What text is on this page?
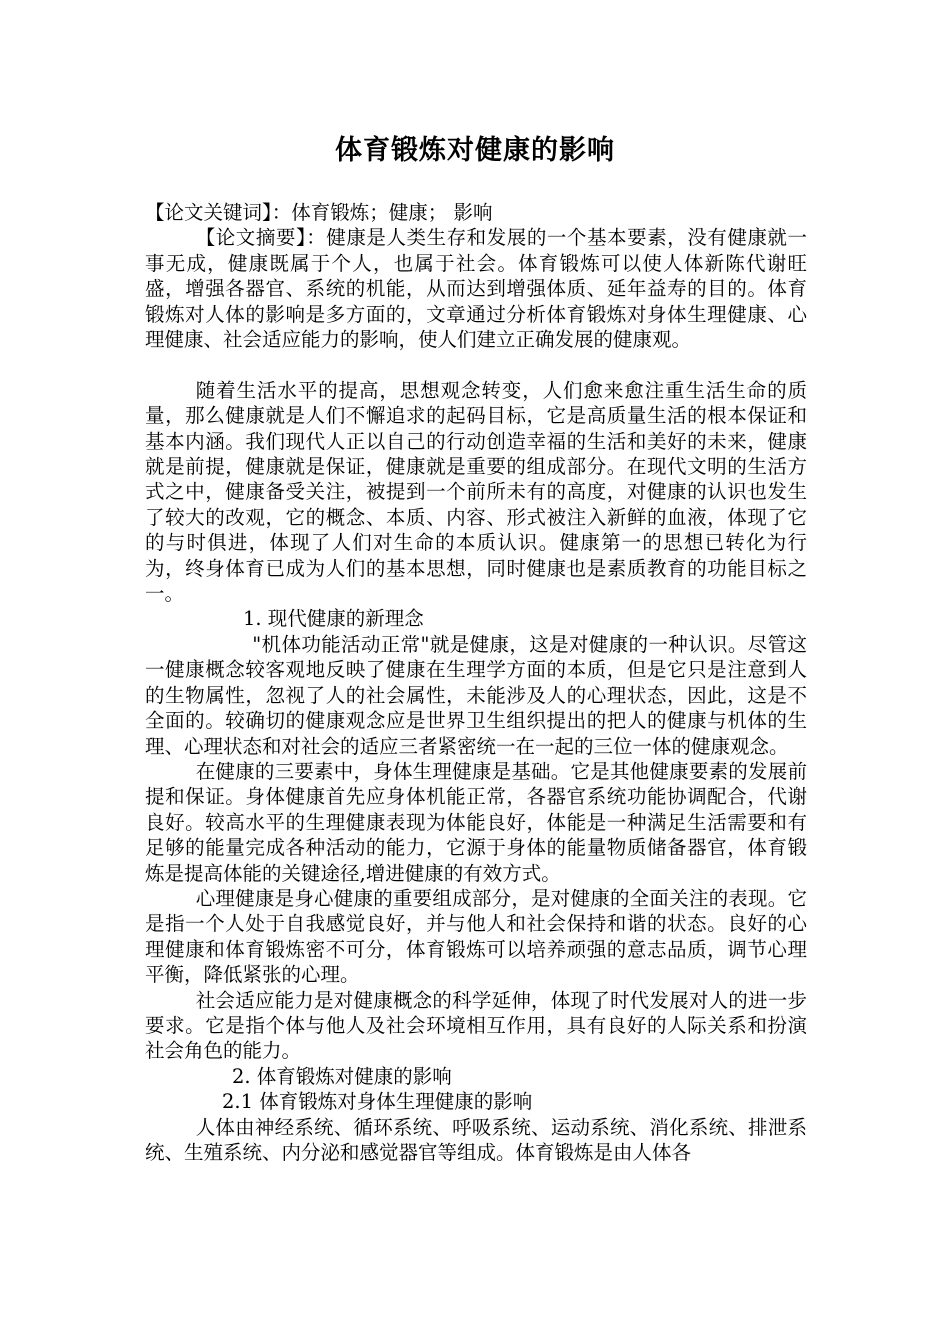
体育锻炼对健康的影响

【论文关键词】：体育锻炼；健康； 影响

【论文摘要】：健康是人类生存和发展的一个基本要素，没有健康就一事无成，健康既属于个人，也属于社会。体育锻炼可以使人体新陈代谢旺盛，增强各器官、系统的机能，从而达到增强体质、延年益寿的目的。体育锻炼对人体的影响是多方面的，文章通过分析体育锻炼对身体生理健康、心理健康、社会适应能力的影响，使人们建立正确发展的健康观。

随着生活水平的提高，思想观念转变，人们愈来愈注重生活生命的质量，那么健康就是人们不懈追求的起码目标，它是高质量生活的根本保证和基本内涵。我们现代人正以自己的行动创造幸福的生活和美好的未来，健康就是前提，健康就是保证，健康就是重要的组成部分。在现代文明的生活方式之中，健康备受关注，被提到一个前所未有的高度，对健康的认识也发生了较大的改观，它的概念、本质、内容、形式被注入新鲜的血液，体现了它的与时俱进，体现了人们对生命的本质认识。健康第一的思想已转化为行为，终身体育已成为人们的基本思想，同时健康也是素质教育的功能目标之一。

1. 现代健康的新理念

"机体功能活动正常"就是健康，这是对健康的一种认识。尽管这一健康概念较客观地反映了健康在生理学方面的本质，但是它只是注意到人的生物属性，忽视了人的社会属性，未能涉及人的心理状态，因此，这是不全面的。较确切的健康观念应是世界卫生组织提出的把人的健康与机体的生理、心理状态和对社会的适应三者紧密统一在一起的三位一体的健康观念。

在健康的三要素中，身体生理健康是基础。它是其他健康要素的发展前提和保证。身体健康首先应身体机能正常，各器官系统功能协调配合，代谢良好。较高水平的生理健康表现为体能良好，体能是一种满足生活需要和有足够的能量完成各种活动的能力，它源于身体的能量物质储备器官，体育锻炼是提高体能的关键途径,增进健康的有效方式。

心理健康是身心健康的重要组成部分，是对健康的全面关注的表现。它是指一个人处于自我感觉良好，并与他人和社会保持和谐的状态。良好的心理健康和体育锻炼密不可分，体育锻炼可以培养顽强的意志品质，调节心理平衡，降低紧张的心理。

社会适应能力是对健康概念的科学延伸，体现了时代发展对人的进一步要求。它是指个体与他人及社会环境相互作用，具有良好的人际关系和扮演社会角色的能力。

2. 体育锻炼对健康的影响

2.1 体育锻炼对身体生理健康的影响

人体由神经系统、循环系统、呼吸系统、运动系统、消化系统、排泄系统、生殖系统、内分泌和感觉器官等组成。体育锻炼是由人体各
